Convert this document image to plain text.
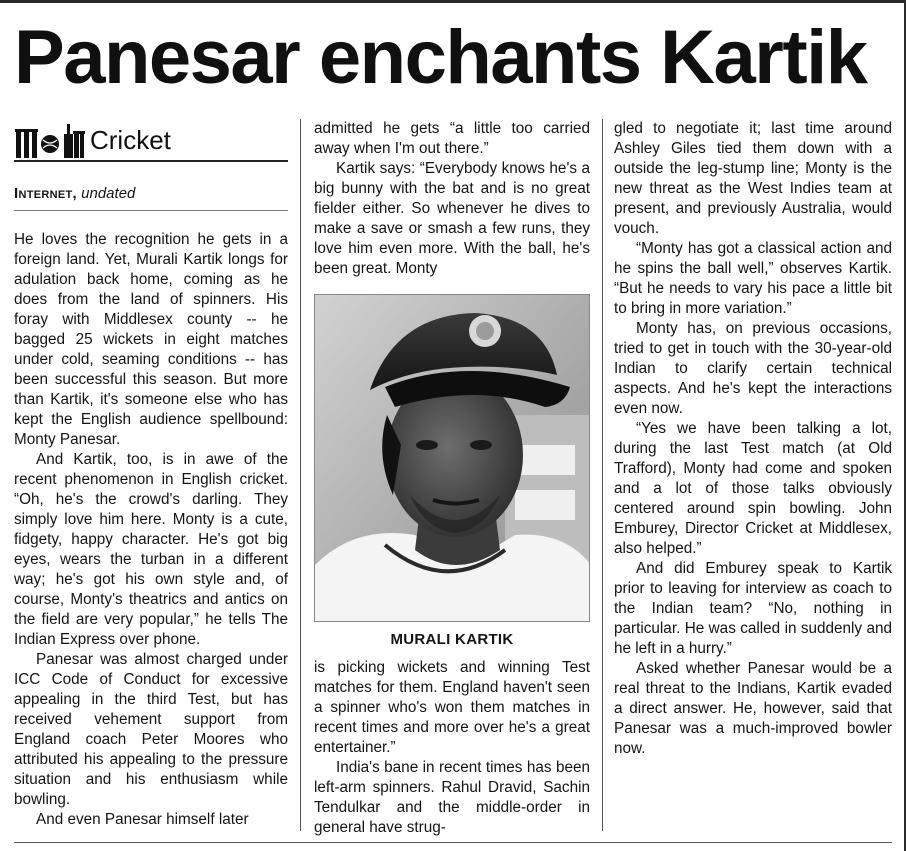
Panesar enchants Kartik
Cricket
Internet, undated

He loves the recognition he gets in a foreign land. Yet, Murali Kartik longs for adulation back home, coming as he does from the land of spinners. His foray with Middlesex county -- he bagged 25 wickets in eight matches under cold, seaming conditions -- has been successful this season. But more than Kartik, it's someone else who has kept the English audience spellbound: Monty Panesar.

And Kartik, too, is in awe of the recent phenomenon in English cricket. “Oh, he's the crowd's darling. They simply love him here. Monty is a cute, fidgety, happy character. He's got big eyes, wears the turban in a different way; he's got his own style and, of course, Monty's theatrics and antics on the field are very popular,” he tells The Indian Express over phone.

Panesar was almost charged under ICC Code of Conduct for excessive appealing in the third Test, but has received vehement support from England coach Peter Moores who attributed his appealing to the pressure situation and his enthusiasm while bowling.

And even Panesar himself later

admitted he gets “a little too carried away when I'm out there.”

Kartik says: “Everybody knows he's a big bunny with the bat and is no great fielder either. So whenever he dives to make a save or smash a few runs, they love him even more. With the ball, he's been great. Monty

MURALI KARTIK

is picking wickets and winning Test matches for them. England haven't seen a spinner who's won them matches in recent times and more over he's a great entertainer.”

India's bane in recent times has been left-arm spinners. Rahul Dravid, Sachin Tendulkar and the middle-order in general have strug-

gled to negotiate it; last time around Ashley Giles tied them down with a outside the leg-stump line; Monty is the new threat as the West Indies team at present, and previously Australia, would vouch.

“Monty has got a classical action and he spins the ball well,” observes Kartik. “But he needs to vary his pace a little bit to bring in more variation.”

Monty has, on previous occasions, tried to get in touch with the 30-year-old Indian to clarify certain technical aspects. And he's kept the interactions even now.

“Yes we have been talking a lot, during the last Test match (at Old Trafford), Monty had come and spoken and a lot of those talks obviously centered around spin bowling. John Emburey, Director Cricket at Middlesex, also helped.”

And did Emburey speak to Kartik prior to leaving for interview as coach to the Indian team? “No, nothing in particular. He was called in suddenly and he left in a hurry.”

Asked whether Panesar would be a real threat to the Indians, Kartik evaded a direct answer. He, however, said that Panesar was a much-improved bowler now.
